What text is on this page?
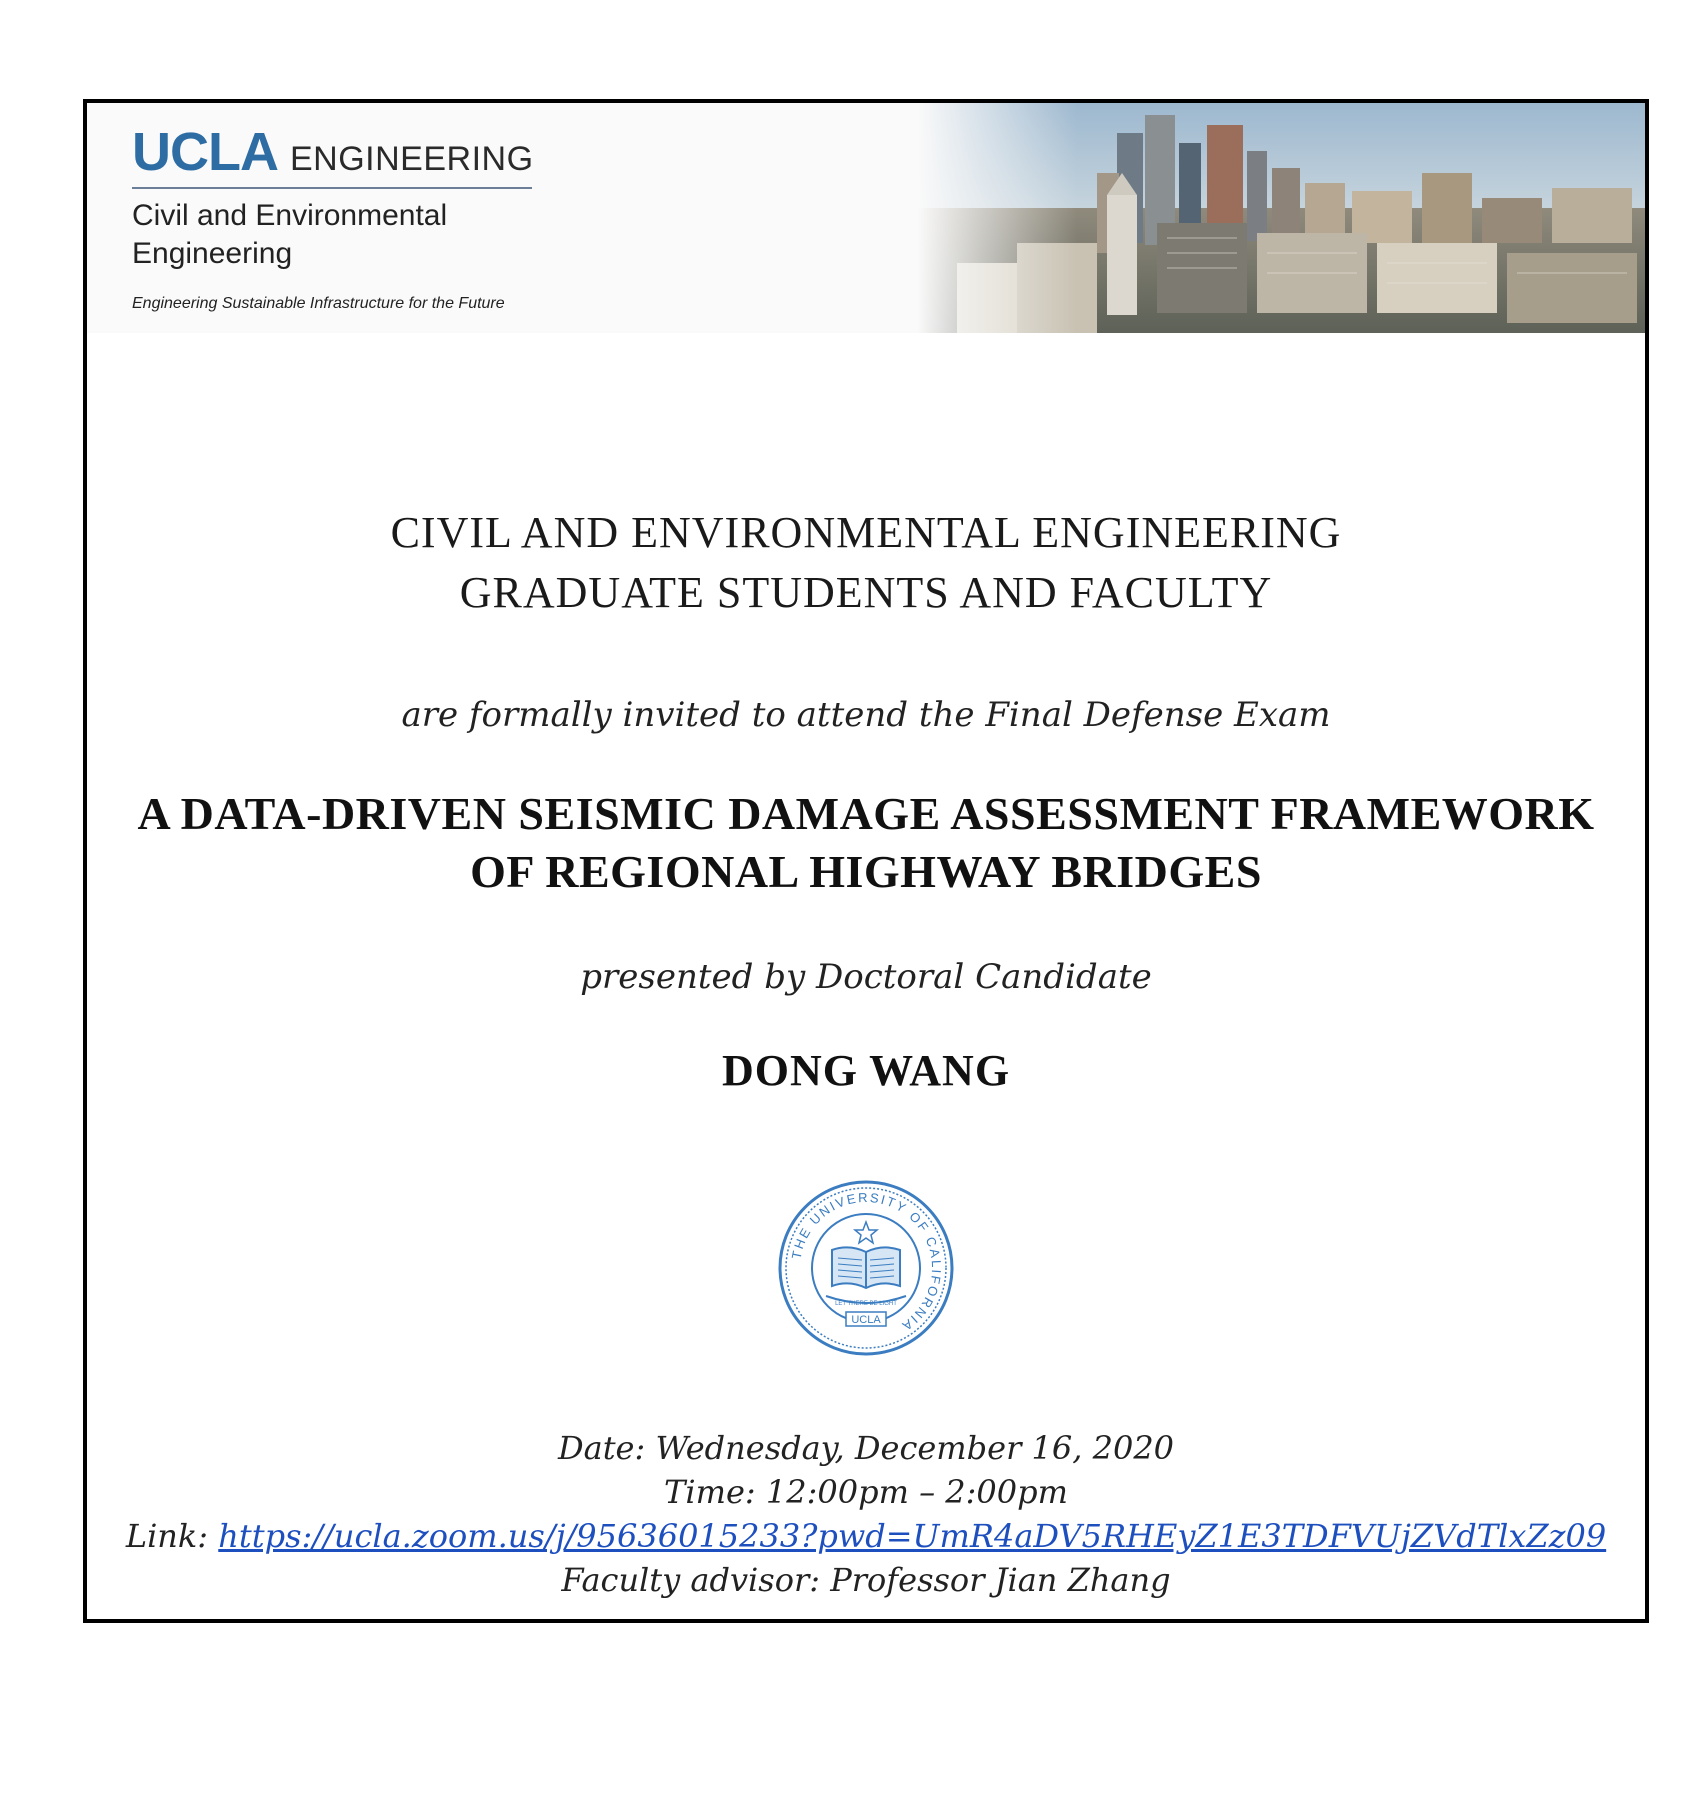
UCLA ENGINEERING
Civil and Environmental
Engineering
Engineering Sustainable Infrastructure for the Future
CIVIL AND ENVIRONMENTAL ENGINEERING
GRADUATE STUDENTS AND FACULTY
are formally invited to attend the Final Defense Exam
A DATA-DRIVEN SEISMIC DAMAGE ASSESSMENT FRAMEWORK
OF REGIONAL HIGHWAY BRIDGES
presented by Doctoral Candidate
DONG WANG
THE UNIVERSITY OF CALIFORNIA
LET THERE BE LIGHT
UCLA
Date: Wednesday, December 16, 2020
Time: 12:00pm – 2:00pm
Link: https://ucla.zoom.us/j/95636015233?pwd=UmR4aDV5RHEyZ1E3TDFVUjZVdTlxZz09
Faculty advisor: Professor Jian Zhang
